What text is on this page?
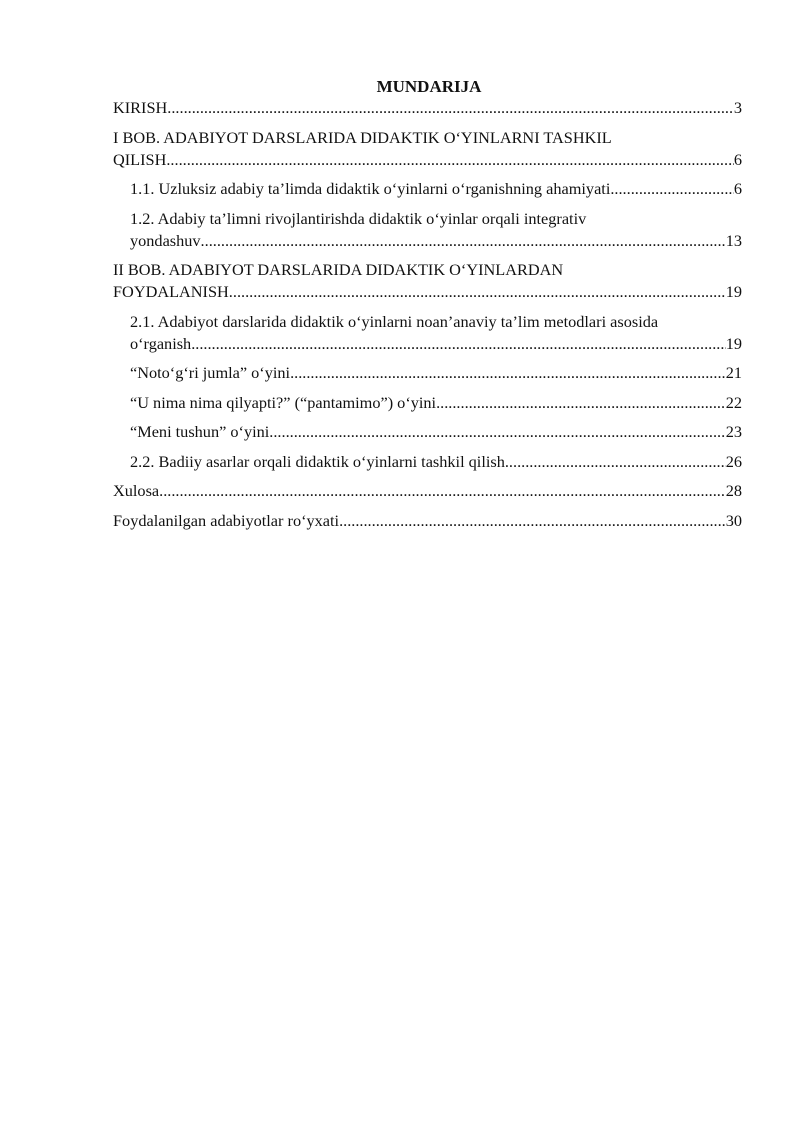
MUNDARIJA
KIRISH .....	3
I BOB. ADABIYOT DARSLARIDA DIDAKTIK O‘YINLARNI TASHKIL
QILISH .....	6
1.1. Uzluksiz adabiy ta’limda didaktik o‘yinlarni o‘rganishning ahamiyati .....	6
1.2. Adabiy ta’limni rivojlantirishda didaktik o‘yinlar orqali integrativ
yondashuv .....	13
II BOB. ADABIYOT DARSLARIDA DIDAKTIK O‘YINLARDAN
FOYDALANISH .....	19
2.1. Adabiyot darslarida didaktik o‘yinlarni noan’anaviy ta’lim metodlari asosida
o‘rganish .....	19
“Noto‘g‘ri jumla” o‘yini .....	21
“U nima nima qilyapti?” (“pantamimo”) o‘yini .....	22
“Meni tushun” o‘yini .....	23
2.2. Badiiy asarlar orqali didaktik o‘yinlarni tashkil qilish .....	26
Xulosa .....	28
Foydalanilgan adabiyotlar ro‘yxati .....	30
